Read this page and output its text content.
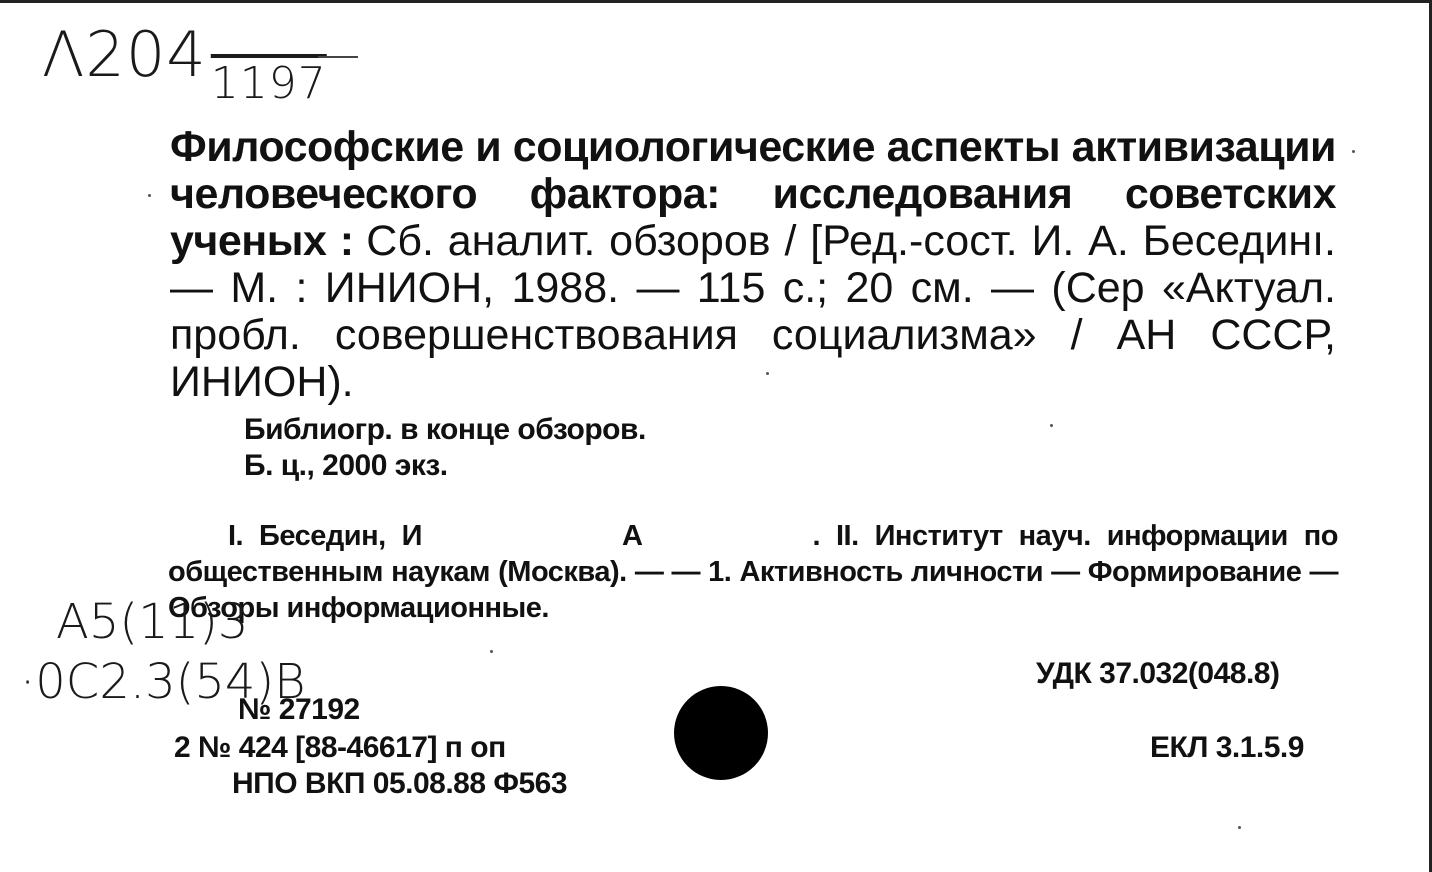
$\Lambda 204_{1197}$
Философские и социологические аспекты активизации человеческого фактора: исследования советских ученых : Сб. аналит. обзоров / [Ред.-сост. И. А. Бесединı. — М. : ИНИОН, 1988. — 115 с.; 20 см. — (Сер «Актуал. пробл. совершенствования социализма» / АН СССР, ИНИОН).
Библиогр. в конце обзоров.
Б. ц., 2000 экз.
I. Беседин, И	А	. II. Институт науч. информации по общественным наукам (Москва). — — 1. Активность личности — Формирование — Обзоры информационные.
A5(11)3
·0C2.3(54)B	УДК 37.032(048.8)
№ 27192
2 № 424 [88-46617] п оп
НПО ВКП 05.08.88 Ф563
ЕКЛ 3.1.5.9
